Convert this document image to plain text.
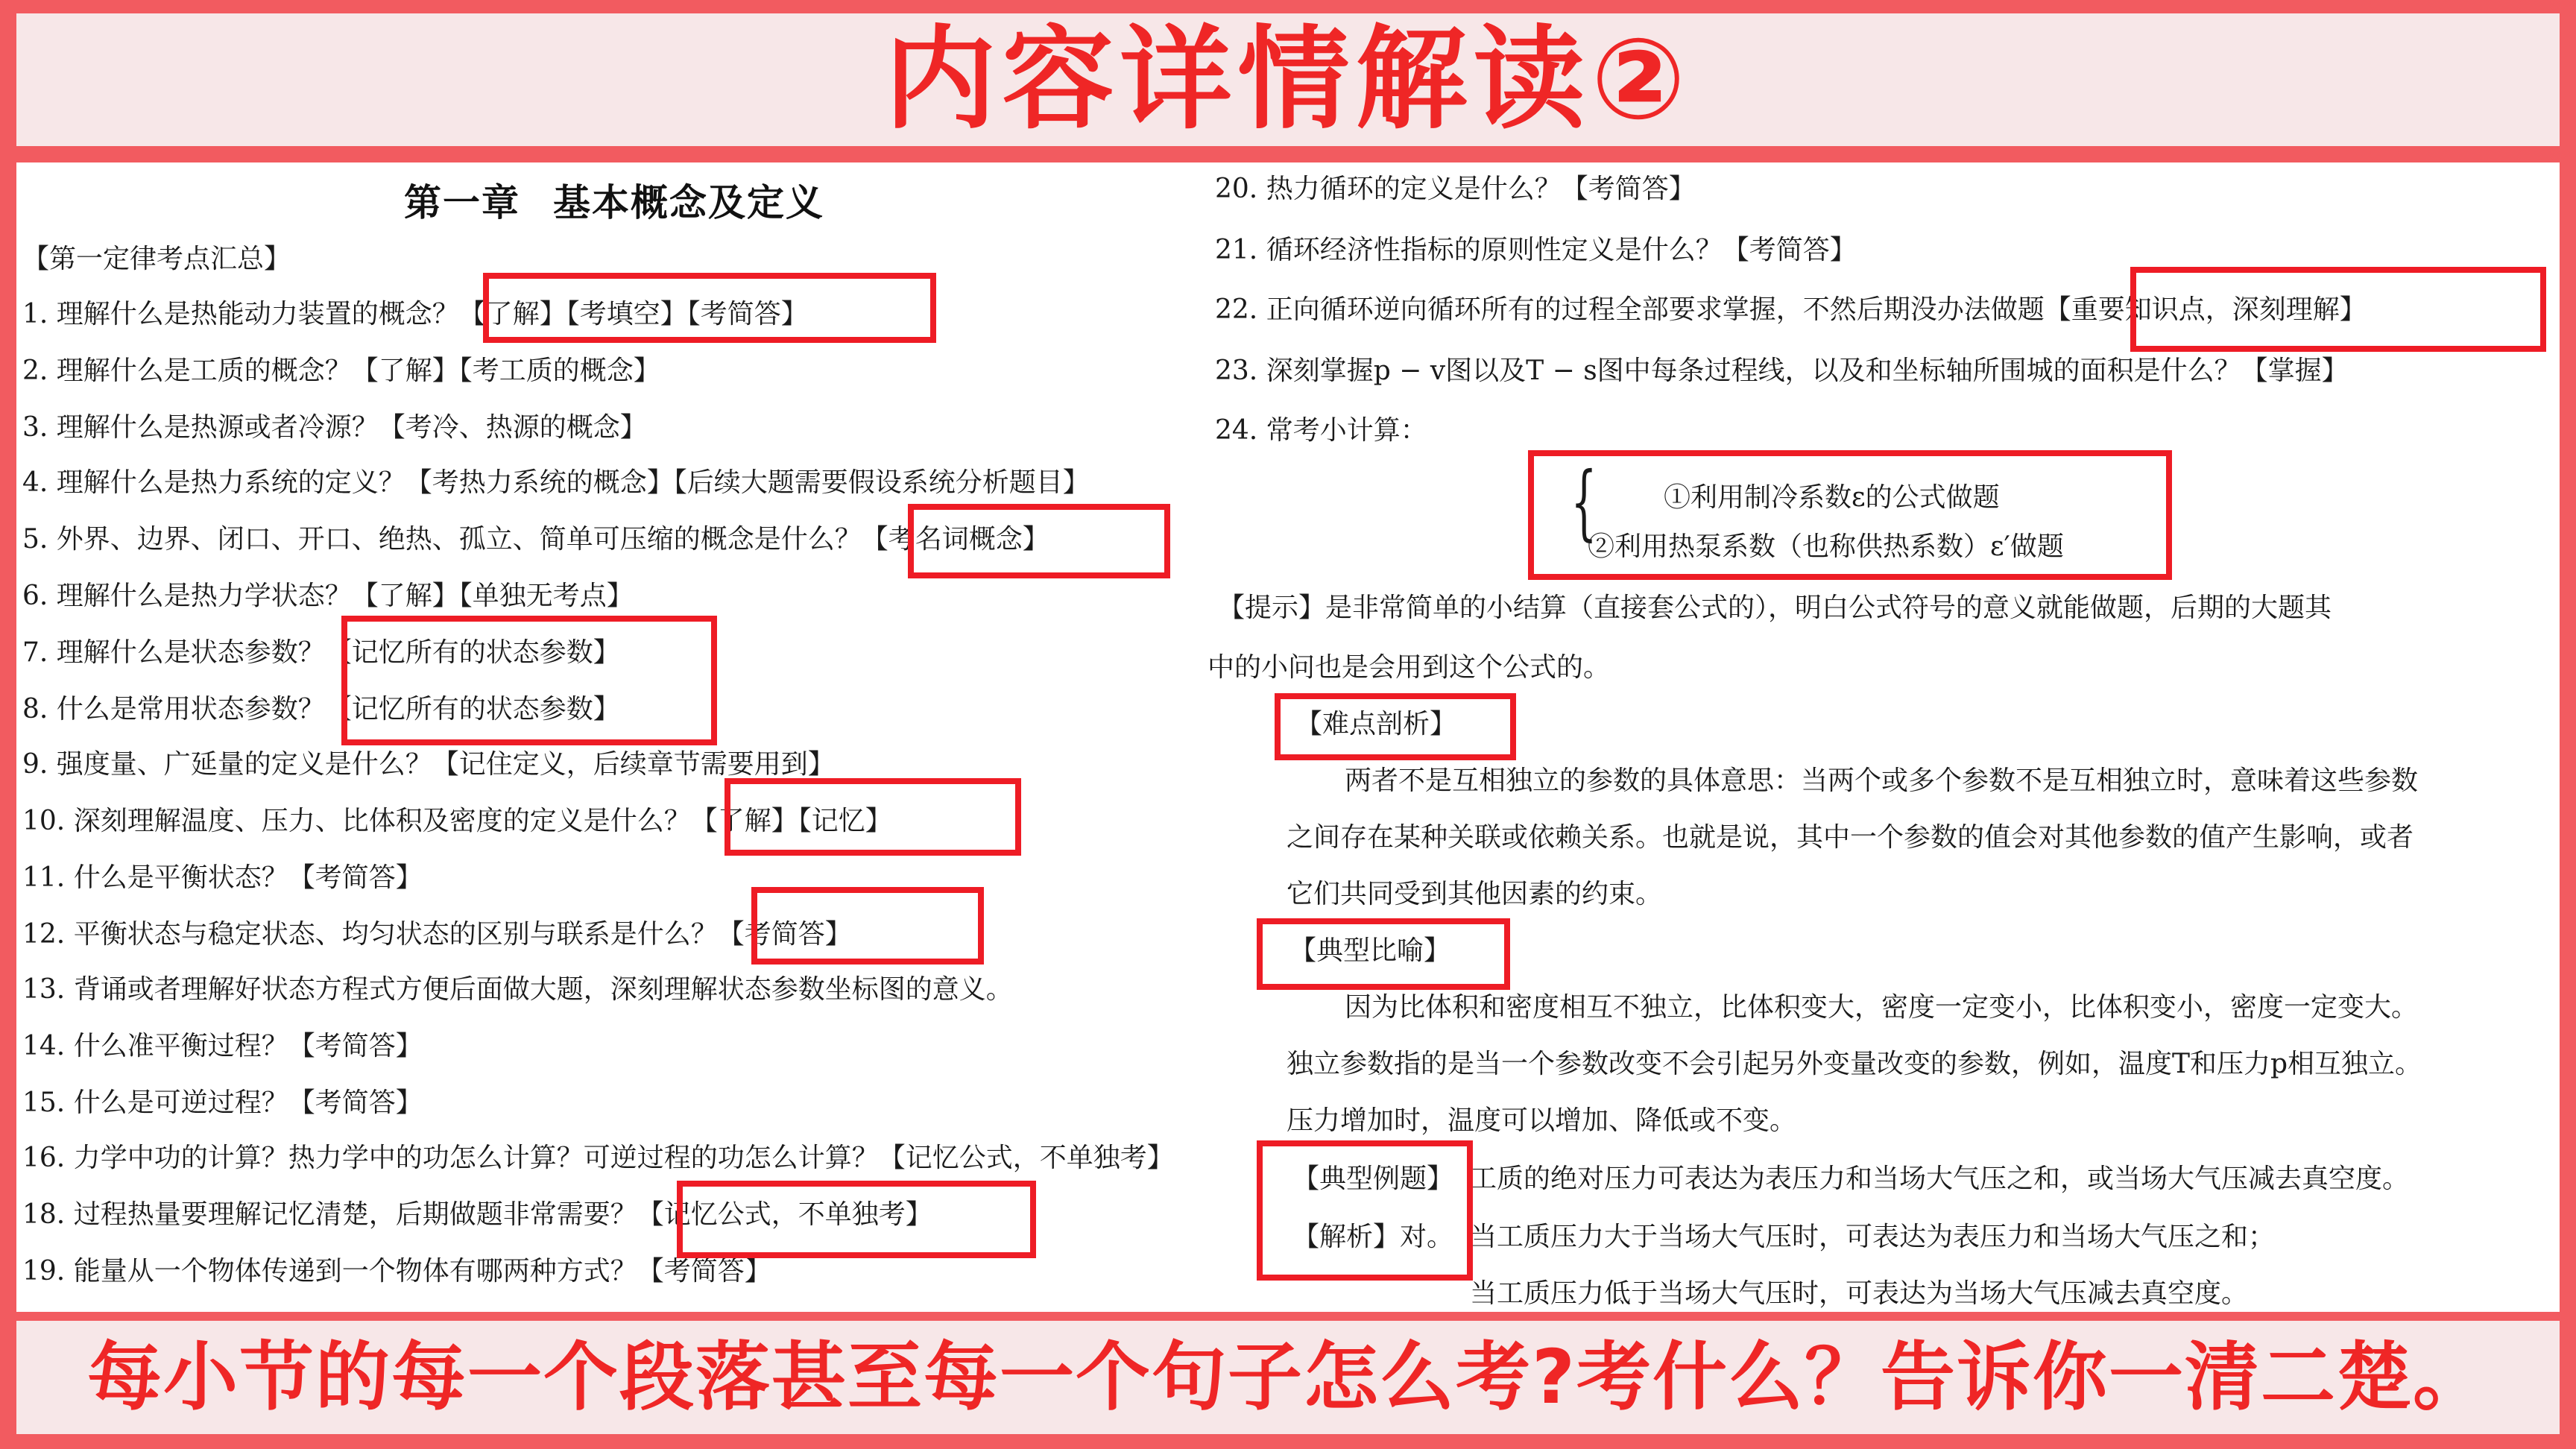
内容详情解读②
第一章 基本概念及定义
【第一定律考点汇总】
1. 理解什么是热能动力装置的概念？【了解】【考填空】【考简答】
2. 理解什么是工质的概念？【了解】【考工质的概念】
3. 理解什么是热源或者冷源？【考冷、热源的概念】
4. 理解什么是热力系统的定义？【考热力系统的概念】【后续大题需要假设系统分析题目】
5. 外界、边界、闭口、开口、绝热、孤立、简单可压缩的概念是什么？【考名词概念】
6. 理解什么是热力学状态？【了解】【单独无考点】
7. 理解什么是状态参数？【记忆所有的状态参数】
8. 什么是常用状态参数？【记忆所有的状态参数】
9. 强度量、广延量的定义是什么？【记住定义，后续章节需要用到】
10. 深刻理解温度、压力、比体积及密度的定义是什么？【了解】【记忆】
11. 什么是平衡状态？【考简答】
12. 平衡状态与稳定状态、均匀状态的区别与联系是什么？【考简答】
13. 背诵或者理解好状态方程式方便后面做大题，深刻理解状态参数坐标图的意义。
14. 什么准平衡过程？【考简答】
15. 什么是可逆过程？【考简答】
16. 力学中功的计算？热力学中的功怎么计算？可逆过程的功怎么计算？【记忆公式，不单独考】
18. 过程热量要理解记忆清楚，后期做题非常需要？【记忆公式，不单独考】
19. 能量从一个物体传递到一个物体有哪两种方式？【考简答】
20. 热力循环的定义是什么？【考简答】
21. 循环经济性指标的原则性定义是什么？【考简答】
22. 正向循环逆向循环所有的过程全部要求掌握，不然后期没办法做题【重要知识点，深刻理解】
23. 深刻掌握p − v图以及T − s图中每条过程线，以及和坐标轴所围城的面积是什么？【掌握】
24. 常考小计算：
{ ①利用制冷系数ε的公式做题
②利用热泵系数（也称供热系数）ε′做题
【提示】是非常简单的小结算（直接套公式的），明白公式符号的意义就能做题，后期的大题其
中的小问也是会用到这个公式的。
【难点剖析】
两者不是互相独立的参数的具体意思：当两个或多个参数不是互相独立时，意味着这些参数
之间存在某种关联或依赖关系。也就是说，其中一个参数的值会对其他参数的值产生影响，或者
它们共同受到其他因素的约束。
【典型比喻】
因为比体积和密度相互不独立，比体积变大，密度一定变小，比体积变小，密度一定变大。
独立参数指的是当一个参数改变不会引起另外变量改变的参数，例如，温度T和压力p相互独立。
压力增加时，温度可以增加、降低或不变。
【典型例题】 工质的绝对压力可表达为表压力和当场大气压之和，或当场大气压减去真空度。
【解析】对。 当工质压力大于当场大气压时，可表达为表压力和当场大气压之和；
当工质压力低于当场大气压时，可表达为当场大气压减去真空度。
每小节的每一个段落甚至每一个句子怎么考?考什么？告诉你一清二楚。
